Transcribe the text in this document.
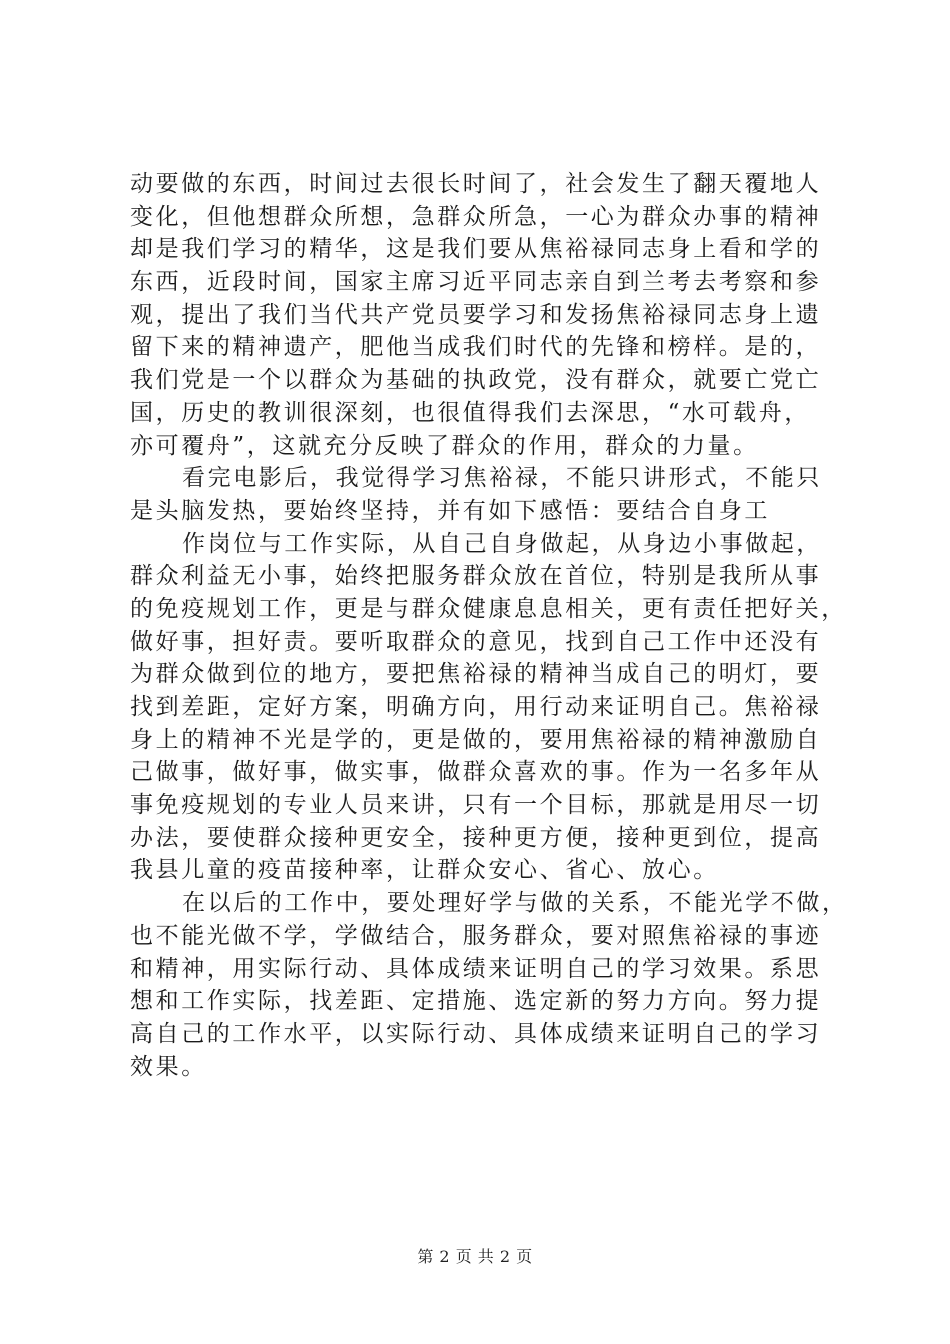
动要做的东西，时间过去很长时间了，社会发生了翻天覆地人
变化，但他想群众所想，急群众所急，一心为群众办事的精神
却是我们学习的精华，这是我们要从焦裕禄同志身上看和学的
东西，近段时间，国家主席习近平同志亲自到兰考去考察和参
观，提出了我们当代共产党员要学习和发扬焦裕禄同志身上遗
留下来的精神遗产，肥他当成我们时代的先锋和榜样。是的，
我们党是一个以群众为基础的执政党，没有群众，就要亡党亡
国，历史的教训很深刻，也很值得我们去深思，“水可载舟，
亦可覆舟”，这就充分反映了群众的作用，群众的力量。
看完电影后，我觉得学习焦裕禄，不能只讲形式，不能只
是头脑发热，要始终坚持，并有如下感悟：要结合自身工
作岗位与工作实际，从自己自身做起，从身边小事做起，
群众利益无小事，始终把服务群众放在首位，特别是我所从事
的免疫规划工作，更是与群众健康息息相关，更有责任把好关，
做好事，担好责。要听取群众的意见，找到自己工作中还没有
为群众做到位的地方，要把焦裕禄的精神当成自己的明灯，要
找到差距，定好方案，明确方向，用行动来证明自己。焦裕禄
身上的精神不光是学的，更是做的，要用焦裕禄的精神激励自
己做事，做好事，做实事，做群众喜欢的事。作为一名多年从
事免疫规划的专业人员来讲，只有一个目标，那就是用尽一切
办法，要使群众接种更安全，接种更方便，接种更到位，提高
我县儿童的疫苗接种率，让群众安心、省心、放心。
在以后的工作中，要处理好学与做的关系，不能光学不做，
也不能光做不学，学做结合，服务群众，要对照焦裕禄的事迹
和精神，用实际行动、具体成绩来证明自己的学习效果。系思
想和工作实际，找差距、定措施、选定新的努力方向。努力提
高自己的工作水平，以实际行动、具体成绩来证明自己的学习
效果。
第 2 页 共 2 页
